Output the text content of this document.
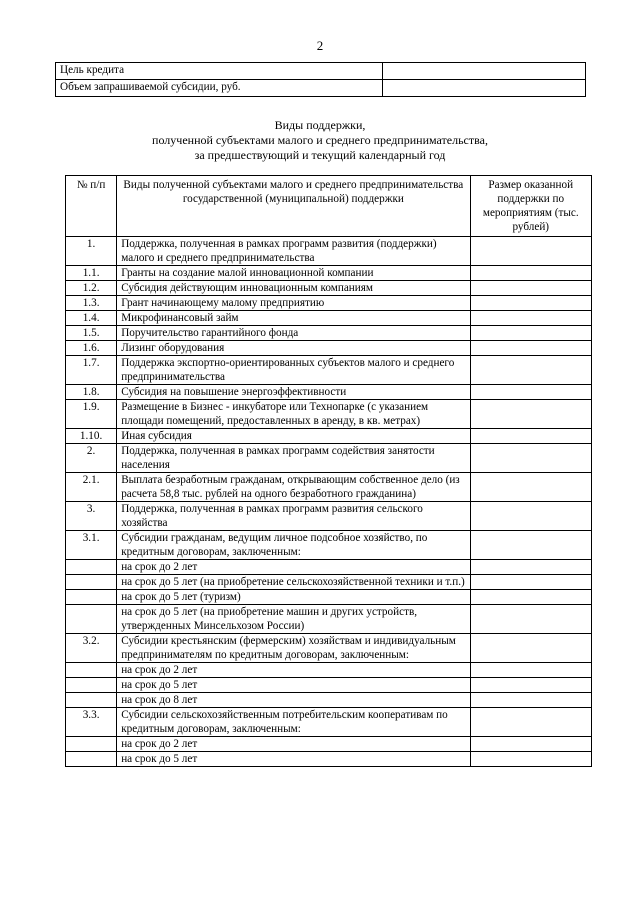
2
Цель кредита	
Объем запрашиваемой субсидии, руб.	
Виды поддержки,
полученной субъектами малого и среднего предпринимательства,
за предшествующий и текущий календарный год
№ п/п	Виды полученной субъектами малого и среднего предпринимательства государственной (муниципальной) поддержки	Размер оказанной поддержки по мероприятиям (тыс. рублей)
1.	Поддержка, полученная в рамках программ развития (поддержки) малого и среднего предпринимательства	
1.1.	Гранты на создание малой инновационной компании	
1.2.	Субсидия действующим инновационным компаниям	
1.3.	Грант начинающему малому предприятию	
1.4.	Микрофинансовый займ	
1.5.	Поручительство гарантийного фонда	
1.6.	Лизинг оборудования	
1.7.	Поддержка экспортно-ориентированных субъектов малого и среднего предпринимательства	
1.8.	Субсидия на повышение энергоэффективности	
1.9.	Размещение в Бизнес - инкубаторе или Технопарке (с указанием площади помещений, предоставленных в аренду, в кв. метрах)	
1.10.	Иная субсидия	
2.	Поддержка, полученная в рамках программ содействия занятости населения	
2.1.	Выплата безработным гражданам, открывающим собственное дело (из расчета 58,8 тыс. рублей на одного безработного гражданина)	
3.	Поддержка, полученная в рамках программ развития сельского хозяйства	
3.1.	Субсидии гражданам, ведущим личное подсобное хозяйство, по кредитным договорам, заключенным:	
	на срок до 2 лет	
	на срок до 5 лет (на приобретение сельскохозяйственной техники и т.п.)	
	на срок до 5 лет (туризм)	
	на срок до 5 лет (на приобретение машин и других устройств, утвержденных Минсельхозом России)	
3.2.	Субсидии крестьянским (фермерским) хозяйствам и индивидуальным предпринимателям по кредитным договорам, заключенным:	
	на срок до 2 лет	
	на срок до 5 лет	
	на срок до 8 лет	
3.3.	Субсидии сельскохозяйственным потребительским кооперативам по кредитным договорам, заключенным:	
	на срок до 2 лет	
	на срок до 5 лет	
